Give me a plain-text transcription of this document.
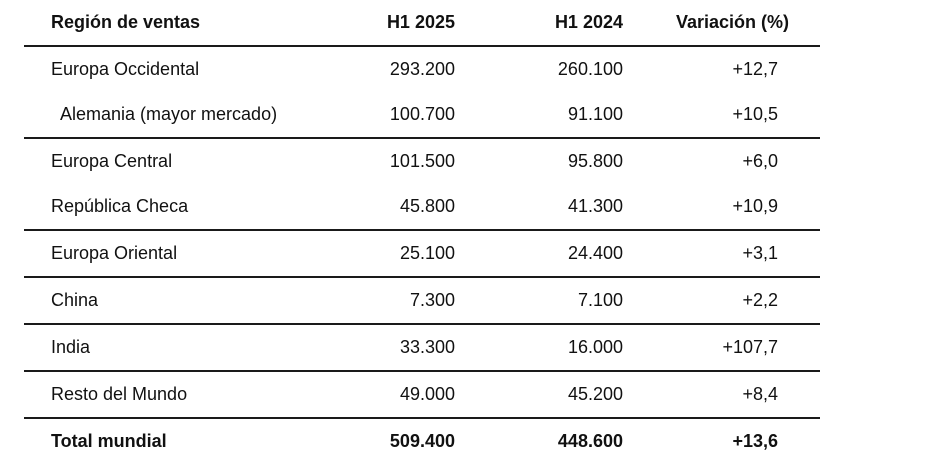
Región de ventas	H1 2025	H1 2024	Variación (%)
Europa Occidental	293.200	260.100	+12,7
Alemania (mayor mercado)	100.700	91.100	+10,5
Europa Central	101.500	95.800	+6,0
República Checa	45.800	41.300	+10,9
Europa Oriental	25.100	24.400	+3,1
China	7.300	7.100	+2,2
India	33.300	16.000	+107,7
Resto del Mundo	49.000	45.200	+8,4
Total mundial	509.400	448.600	+13,6
